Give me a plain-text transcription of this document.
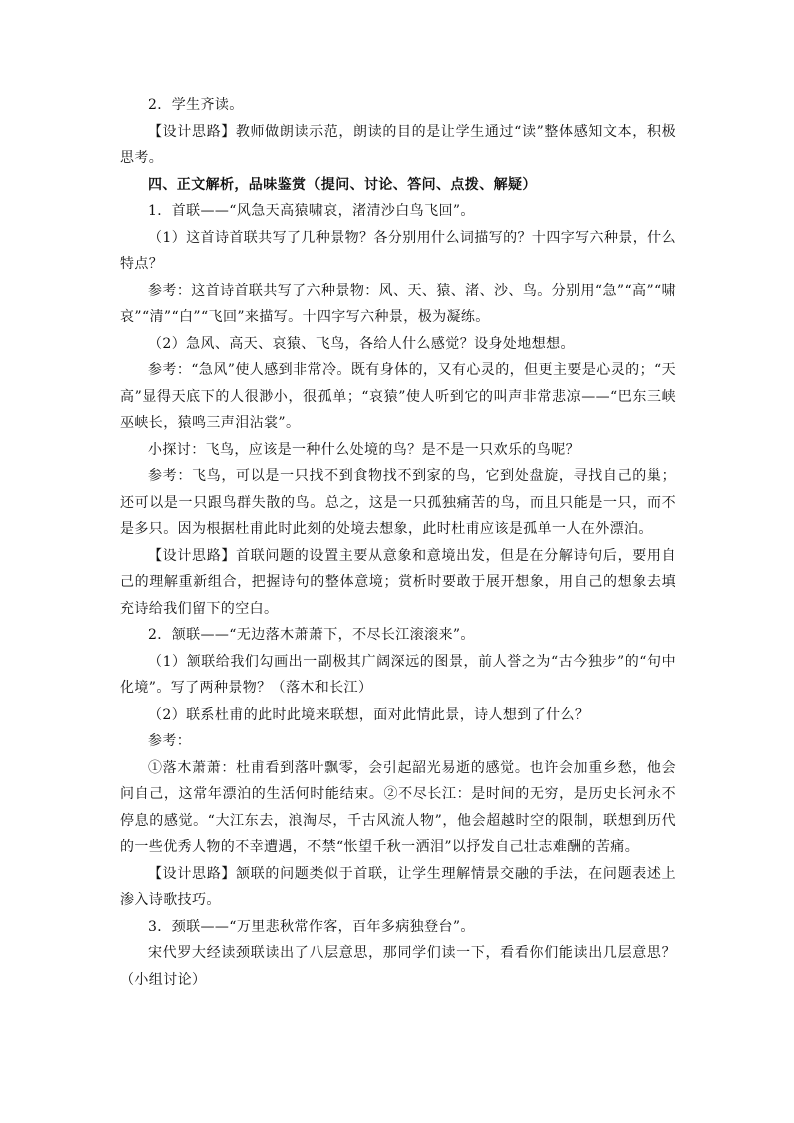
2．学生齐读。

【设计思路】教师做朗读示范，朗读的目的是让学生通过“读”整体感知文本，积极思考。

四、正文解析，品味鉴赏（提问、讨论、答问、点拨、解疑）

1．首联——“风急天高猿啸哀，渚清沙白鸟飞回”。

（1）这首诗首联共写了几种景物？各分别用什么词描写的？十四字写六种景，什么特点？

参考：这首诗首联共写了六种景物：风、天、猿、渚、沙、鸟。分别用“急”“高”“啸哀”“清”“白”“飞回”来描写。十四字写六种景，极为凝练。

（2）急风、高天、哀猿、飞鸟，各给人什么感觉？设身处地想想。

参考：“急风”使人感到非常冷。既有身体的，又有心灵的，但更主要是心灵的；“天高”显得天底下的人很渺小，很孤单；“哀猿”使人听到它的叫声非常悲凉——“巴东三峡巫峡长，猿鸣三声泪沾裳”。

小探讨：飞鸟，应该是一种什么处境的鸟？是不是一只欢乐的鸟呢？

参考：飞鸟，可以是一只找不到食物找不到家的鸟，它到处盘旋，寻找自己的巢；还可以是一只跟鸟群失散的鸟。总之，这是一只孤独痛苦的鸟，而且只能是一只，而不是多只。因为根据杜甫此时此刻的处境去想象，此时杜甫应该是孤单一人在外漂泊。

【设计思路】首联问题的设置主要从意象和意境出发，但是在分解诗句后，要用自己的理解重新组合，把握诗句的整体意境；赏析时要敢于展开想象，用自己的想象去填充诗给我们留下的空白。

2．颔联——“无边落木萧萧下，不尽长江滚滚来”。

（1）颔联给我们勾画出一副极其广阔深远的图景，前人誉之为“古今独步”的“句中化境”。写了两种景物？（落木和长江）

（2）联系杜甫的此时此境来联想，面对此情此景，诗人想到了什么？

参考：

①落木萧萧：杜甫看到落叶飘零，会引起韶光易逝的感觉。也许会加重乡愁，他会问自己，这常年漂泊的生活何时能结束。②不尽长江：是时间的无穷，是历史长河永不停息的感觉。“大江东去，浪淘尽，千古风流人物”，他会超越时空的限制，联想到历代的一些优秀人物的不幸遭遇，不禁“怅望千秋一洒泪”以抒发自己壮志难酬的苦痛。

【设计思路】颔联的问题类似于首联，让学生理解情景交融的手法，在问题表述上渗入诗歌技巧。

3．颈联——“万里悲秋常作客，百年多病独登台”。

宋代罗大经读颈联读出了八层意思，那同学们读一下，看看你们能读出几层意思？（小组讨论）
